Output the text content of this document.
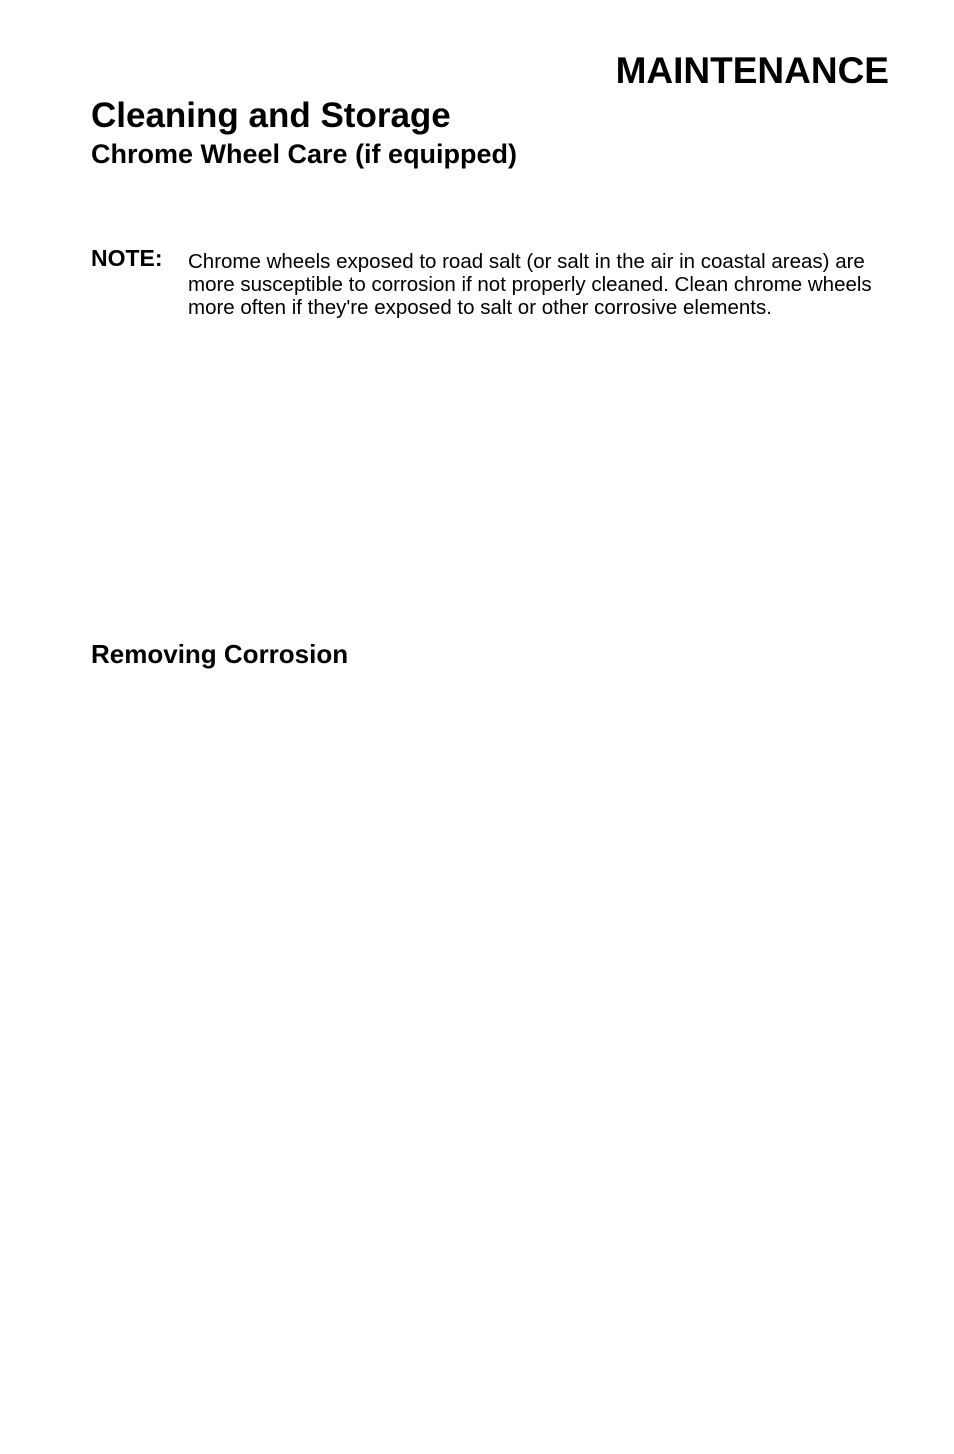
MAINTENANCE
Cleaning and Storage
Chrome Wheel Care (if equipped)
NOTE: Chrome wheels exposed to road salt (or salt in the air in coastal areas) are more susceptible to corrosion if not properly cleaned. Clean chrome wheels more often if they're exposed to salt or other corrosive elements.

Removing Corrosion
